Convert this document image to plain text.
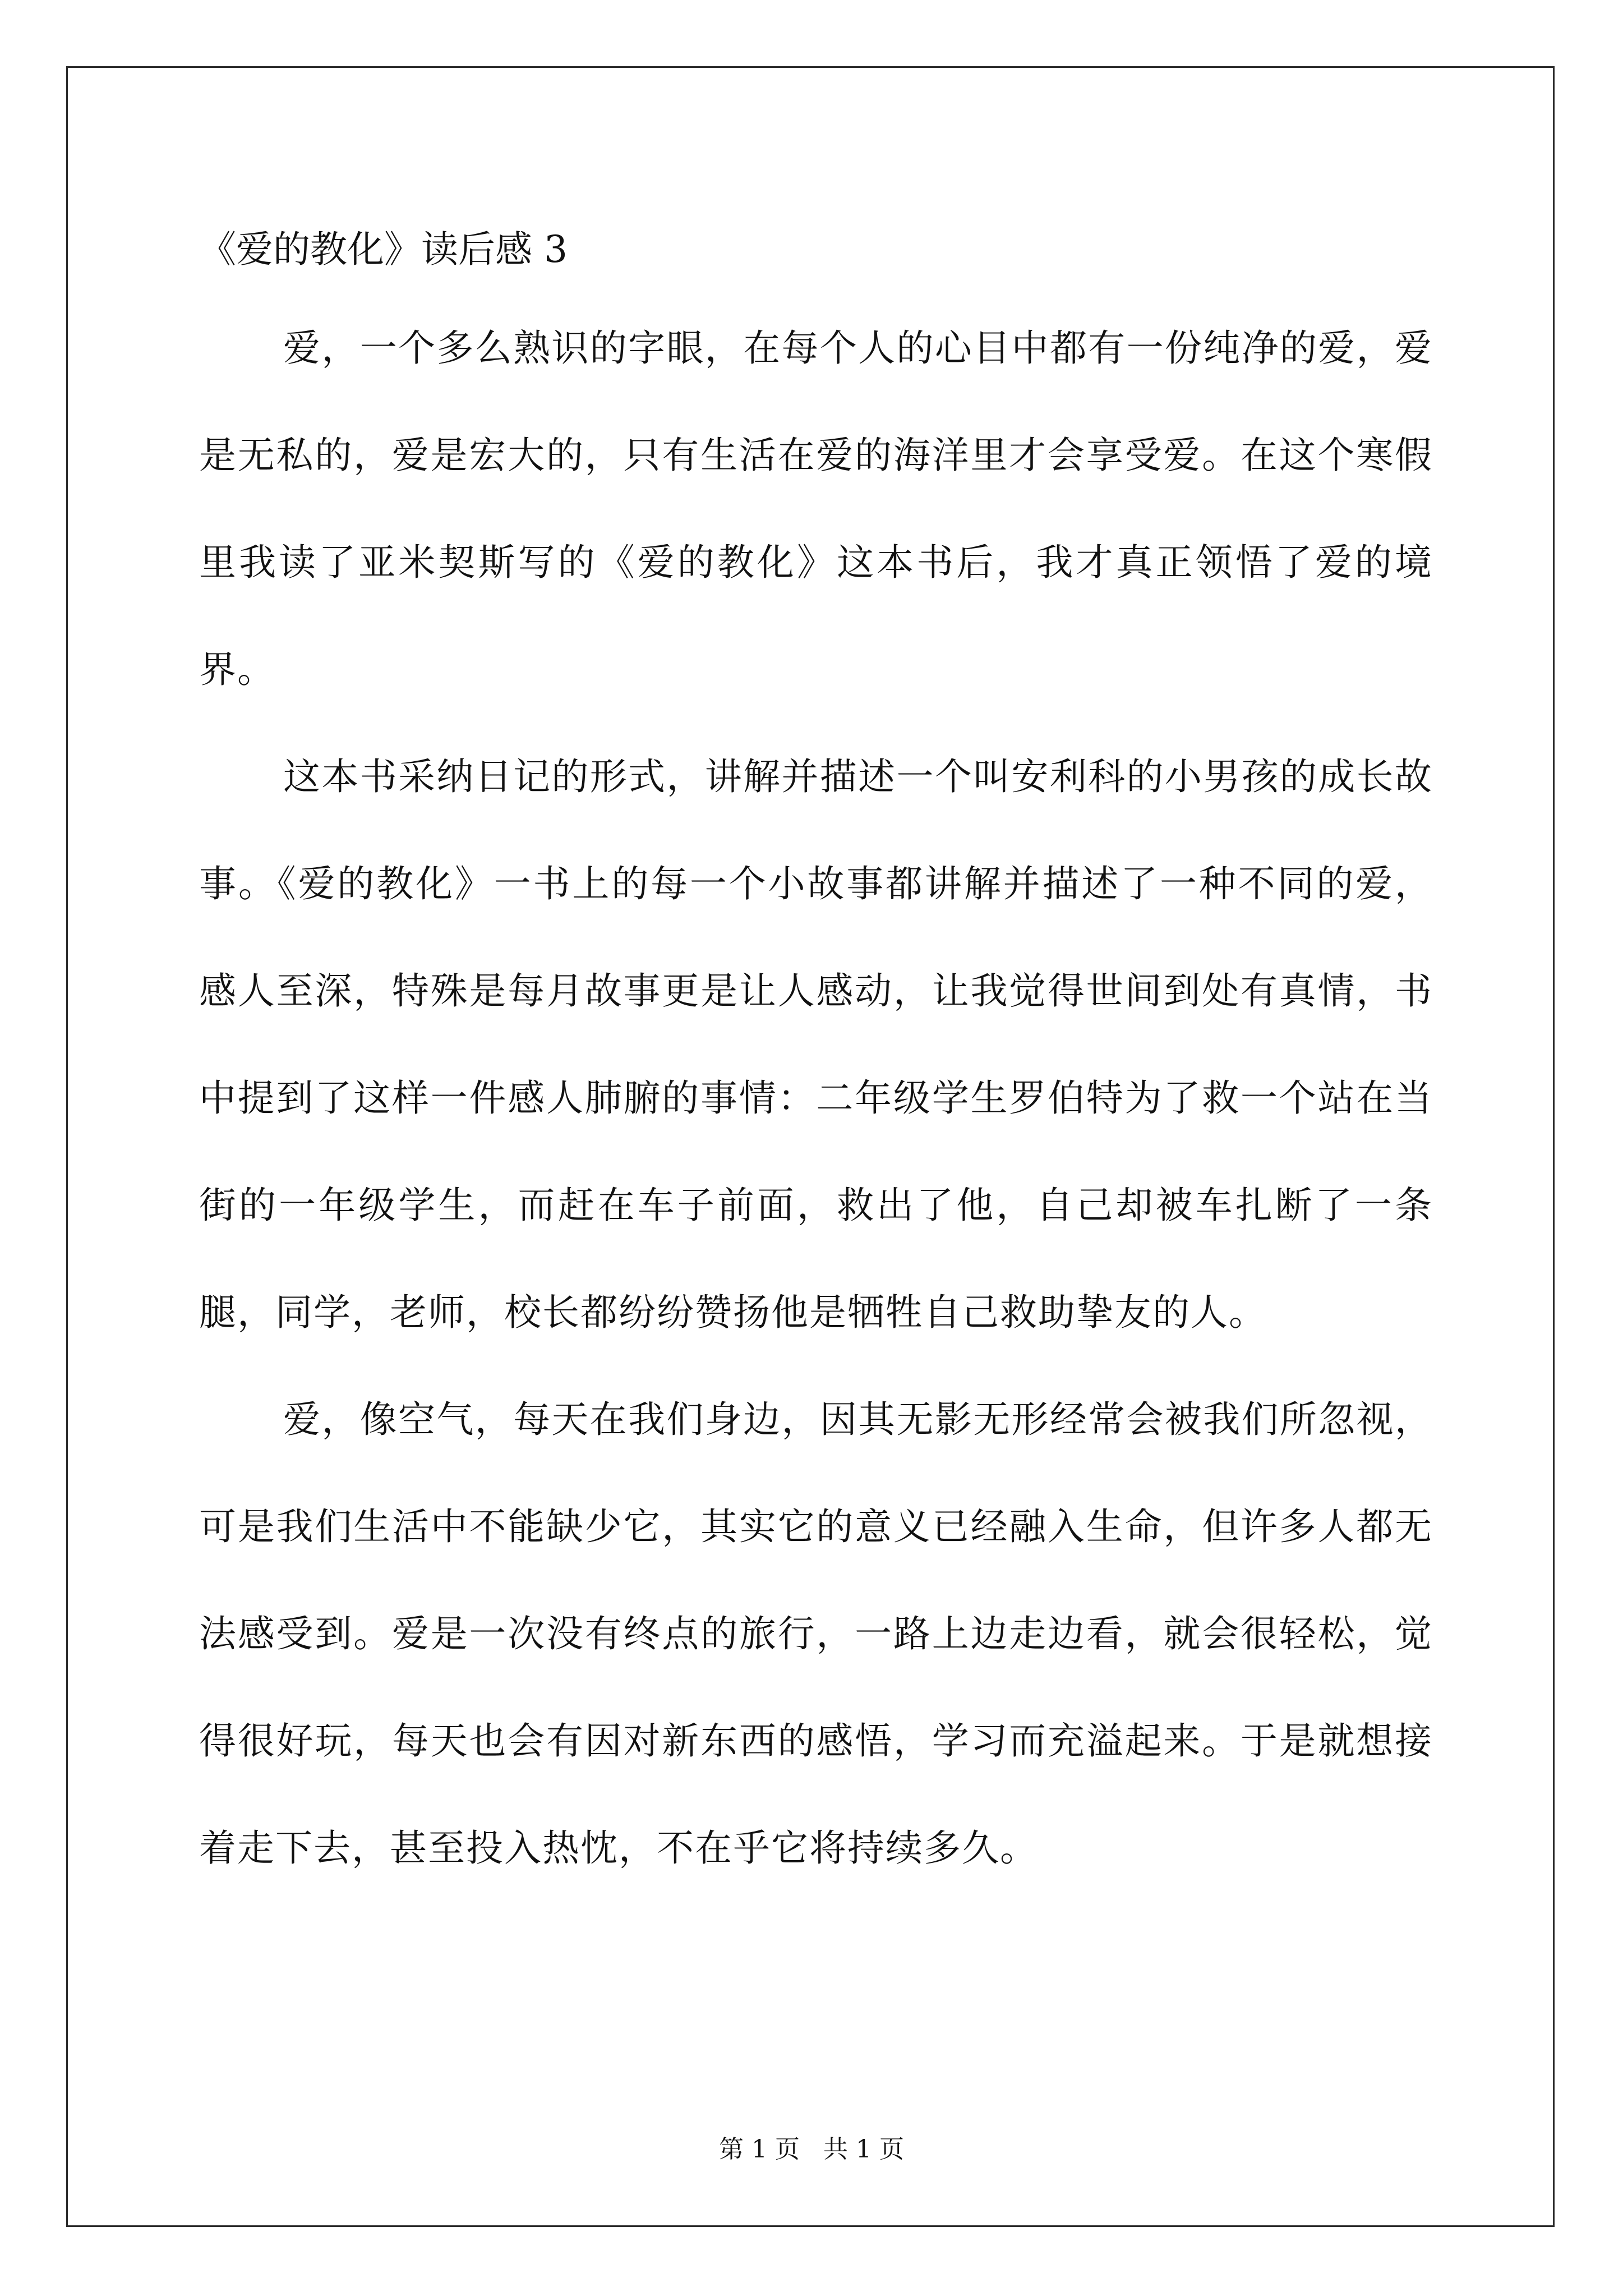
《爱的教化》读后感 3

爱，一个多么熟识的字眼，在每个人的心目中都有一份纯净的爱，爱是无私的，爱是宏大的，只有生活在爱的海洋里才会享受爱。在这个寒假里我读了亚米契斯写的《爱的教化》这本书后，我才真正领悟了爱的境界。

这本书采纳日记的形式，讲解并描述一个叫安利科的小男孩的成长故事。《爱的教化》一书上的每一个小故事都讲解并描述了一种不同的爱，感人至深，特殊是每月故事更是让人感动，让我觉得世间到处有真情，书中提到了这样一件感人肺腑的事情：二年级学生罗伯特为了救一个站在当街的一年级学生，而赶在车子前面，救出了他，自己却被车扎断了一条腿，同学，老师，校长都纷纷赞扬他是牺牲自己救助挚友的人。

爱，像空气，每天在我们身边，因其无影无形经常会被我们所忽视，可是我们生活中不能缺少它，其实它的意义已经融入生命，但许多人都无法感受到。爱是一次没有终点的旅行，一路上边走边看，就会很轻松，觉得很好玩，每天也会有因对新东西的感悟，学习而充溢起来。于是就想接着走下去，甚至投入热忱，不在乎它将持续多久。

第 1 页 共 1 页
